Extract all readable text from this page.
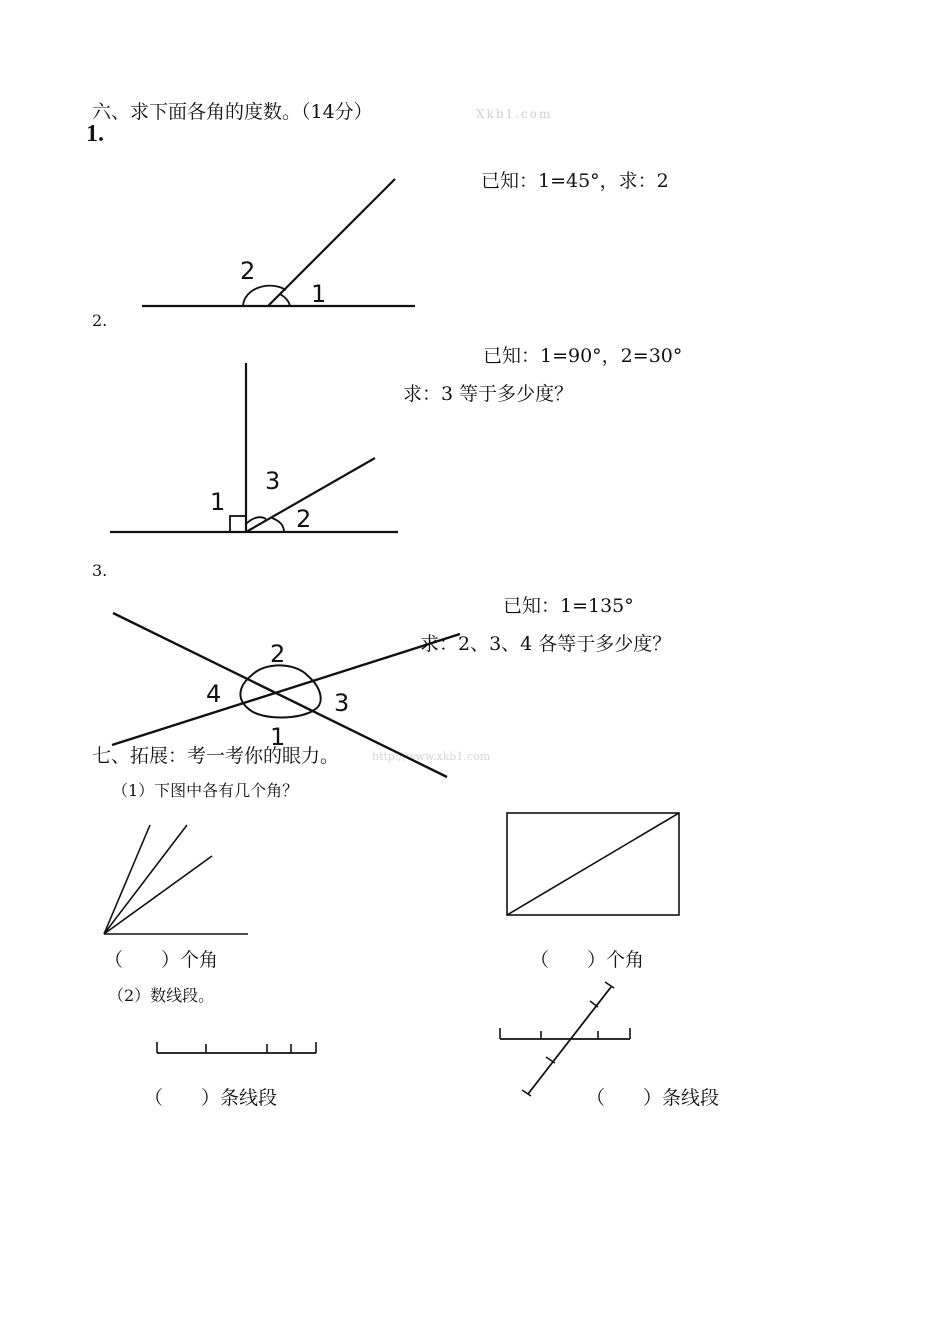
六、求下面各角的度数。（14分）	Xkb1.com
1.
已知：1=45°，求：2
2.
已知：1=90°，2=30°
求：3 等于多少度？
3.
已知：1=135°
求：2、3、4 各等于多少度？
七、拓展：考一考你的眼力。	http://www.xkb1.com
（1）下图中各有几个角？
（　　）个角	（　　）个角
（2）数线段。
（　　）条线段	（　　）条线段
2
1
1
3
2
2
4	3
1
